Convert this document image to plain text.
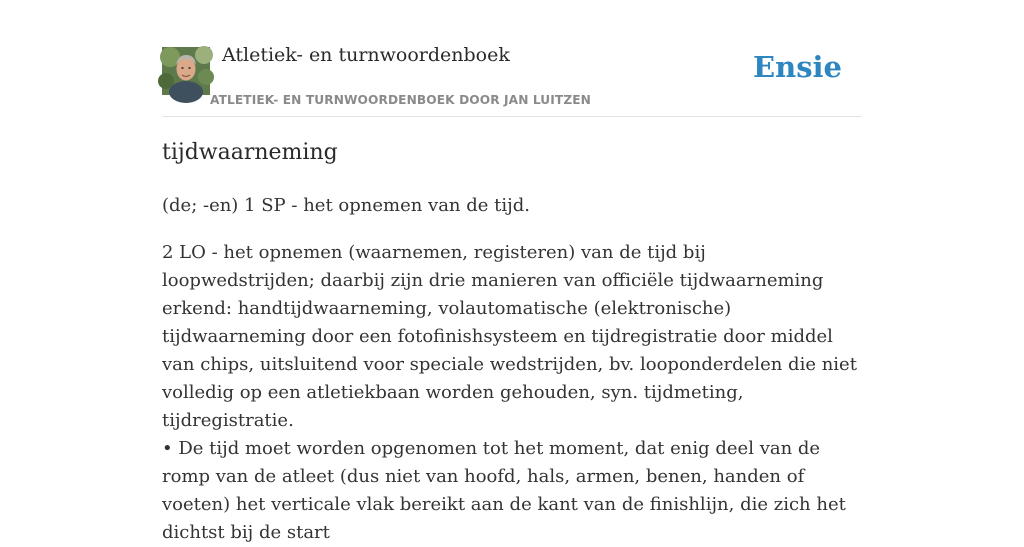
Atletiek- en turnwoordenboek
ATLETIEK- EN TURNWOORDENBOEK DOOR JAN LUITZEN
Ensie
tijdwaarneming

(de; -en) 1 SP - het opnemen van de tijd.

2 LO - het opnemen (waarnemen, registeren) van de tijd bij loopwedstrijden; daarbij zijn drie manieren van officiële tijdwaarneming erkend: handtijdwaarneming, volautomatische (elektronische) tijdwaarneming door een fotofinishsysteem en tijdregistratie door middel van chips, uitsluitend voor speciale wedstrijden, bv. looponderdelen die niet volledig op een atletiekbaan worden gehouden, syn. tijdmeting, tijdregistratie.

• De tijd moet worden opgenomen tot het moment, dat enig deel van de romp van de atleet (dus niet van hoofd, hals, armen, benen, handen of voeten) het verticale vlak bereikt aan de kant van de finishlijn, die zich het dichtst bij de start
